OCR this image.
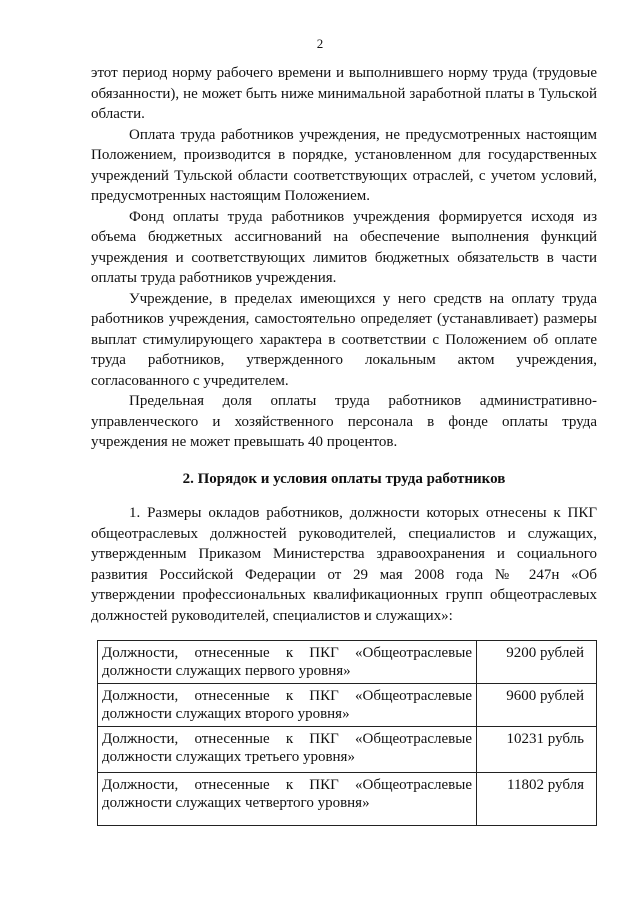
2

этот период норму рабочего времени и выполнившего норму труда (трудовые обязанности), не может быть ниже минимальной заработной платы в Тульской области.

Оплата труда работников учреждения, не предусмотренных настоящим Положением, производится в порядке, установленном для государственных учреждений Тульской области соответствующих отраслей, с учетом условий, предусмотренных настоящим Положением.

Фонд оплаты труда работников учреждения формируется исходя из объема бюджетных ассигнований на обеспечение выполнения функций учреждения и соответствующих лимитов бюджетных обязательств в части оплаты труда работников учреждения.

Учреждение, в пределах имеющихся у него средств на оплату труда работников учреждения, самостоятельно определяет (устанавливает) размеры выплат стимулирующего характера в соответствии с Положением об оплате труда работников, утвержденного локальным актом учреждения, согласованного с учредителем.

Предельная доля оплаты труда работников административно-управленческого и хозяйственного персонала в фонде оплаты труда учреждения не может превышать 40 процентов.

2. Порядок и условия оплаты труда работников

1. Размеры окладов работников, должности которых отнесены к ПКГ общеотраслевых должностей руководителей, специалистов и служащих, утвержденным Приказом Министерства здравоохранения и социального развития Российской Федерации от 29 мая 2008 года № 247н «Об утверждении профессиональных квалификационных групп общеотраслевых должностей руководителей, специалистов и служащих»:

Должности, отнесенные к ПКГ «Общеотраслевые должности служащих первого уровня»	9200 рублей
Должности, отнесенные к ПКГ «Общеотраслевые должности служащих второго уровня»	9600 рублей
Должности, отнесенные к ПКГ «Общеотраслевые должности служащих третьего уровня»	10231 рубль
Должности, отнесенные к ПКГ «Общеотраслевые должности служащих четвертого уровня»	11802 рубля
